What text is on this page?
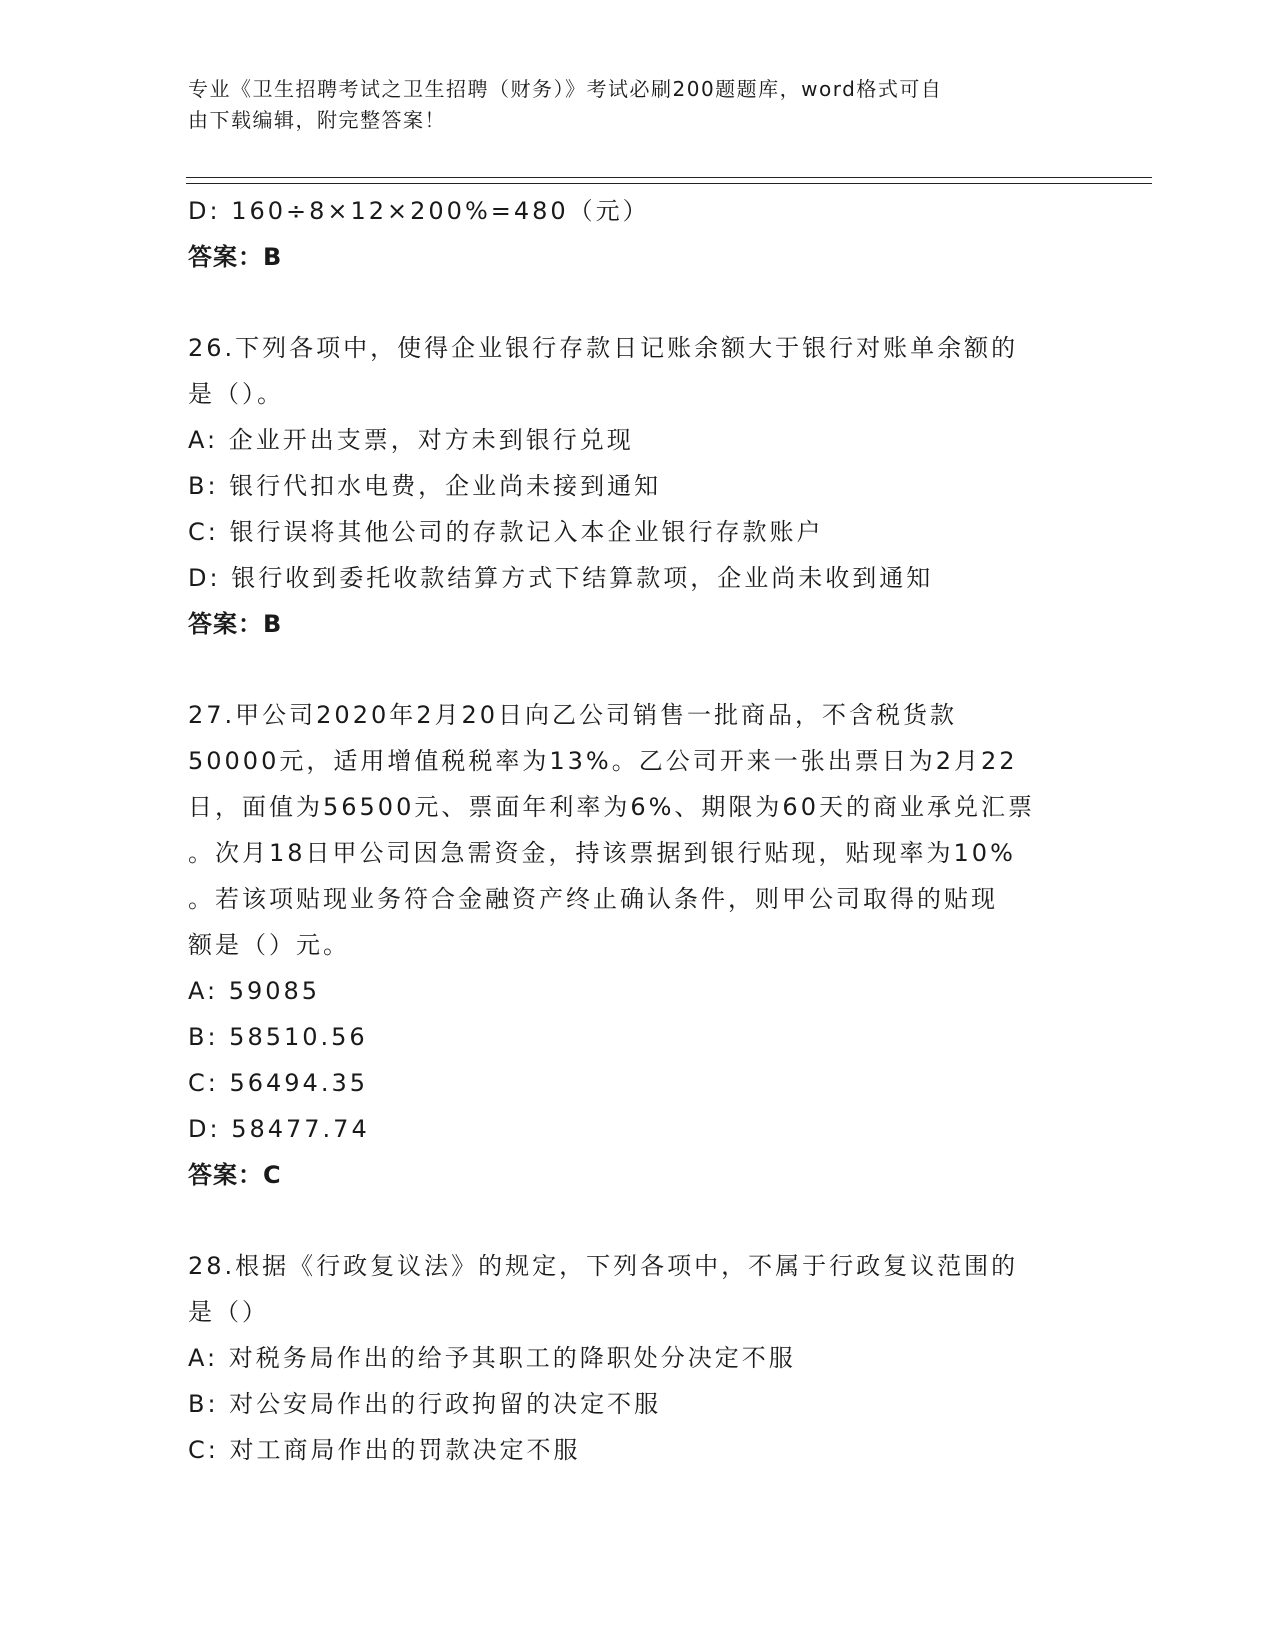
专业《卫生招聘考试之卫生招聘（财务）》考试必刷200题题库，word格式可自
由下载编辑，附完整答案！
D: 160÷8×12×200%=480（元）
答案：B
26.下列各项中，使得企业银行存款日记账余额大于银行对账单余额的
是（）。
A: 企业开出支票，对方未到银行兑现
B: 银行代扣水电费，企业尚未接到通知
C: 银行误将其他公司的存款记入本企业银行存款账户
D: 银行收到委托收款结算方式下结算款项，企业尚未收到通知
答案：B
27.甲公司2020年2月20日向乙公司销售一批商品，不含税货款
50000元，适用增值税税率为13%。乙公司开来一张出票日为2月22
日，面值为56500元、票面年利率为6%、期限为60天的商业承兑汇票
。次月18日甲公司因急需资金，持该票据到银行贴现，贴现率为10%
。若该项贴现业务符合金融资产终止确认条件，则甲公司取得的贴现
额是（）元。
A: 59085
B: 58510.56
C: 56494.35
D: 58477.74
答案：C
28.根据《行政复议法》的规定，下列各项中，不属于行政复议范围的
是（）
A: 对税务局作出的给予其职工的降职处分决定不服
B: 对公安局作出的行政拘留的决定不服
C: 对工商局作出的罚款决定不服
